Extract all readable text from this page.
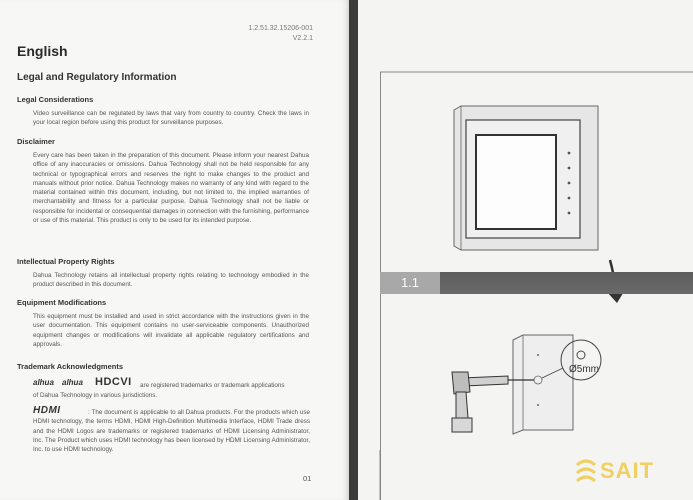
1.2.51.32.15206-001
V2.2.1
English
Legal and Regulatory Information
Legal Considerations

Video surveillance can be regulated by laws that vary from country to country. Check the laws in your local region before using this product for surveillance purposes.

Disclaimer

Every care has been taken in the preparation of this document. Please inform your nearest Dahua office of any inaccuracies or omissions. Dahua Technology shall not be held responsible for any technical or typographical errors and reserves the right to make changes to the product and manuals without prior notice. Dahua Technology makes no warranty of any kind with regard to the material contained within this document, including, but not limited to, the implied warranties of merchantability and fitness for a particular purpose. Dahua Technology shall not be liable or responsible for incidental or consequential damages in connection with the furnishing, performance or use of this material. This product is only to be used for its intended purpose.

Intellectual Property Rights

Dahua Technology retains all intellectual property rights relating to technology embodied in the product described in this document.

Equipment Modifications

This equipment must be installed and used in strict accordance with the instructions given in the user documentation. This equipment contains no user-serviceable components. Unauthorized equipment changes or modifications will invalidate all applicable regulatory certifications and approvals.

Trademark Acknowledgments
alhua alhua HDCVI are registered trademarks or trademark applications
of Dahua Technology in various jurisdictions.
HDMI	: The document is applicable to all Dahua products. For the products which use HDMI technology, the terms HDMI, HDMI High-Definition Multimedia Interface, HDMI Trade dress and the HDMI Logos are trademarks or registered trademarks of HDMI Licensing Administrator, Inc. The Product which uses HDMI technology has been licensed by HDMI Licensing Administrator, Inc. to use HDMI technology.

01
1.1
Ø5mm
SAIT
